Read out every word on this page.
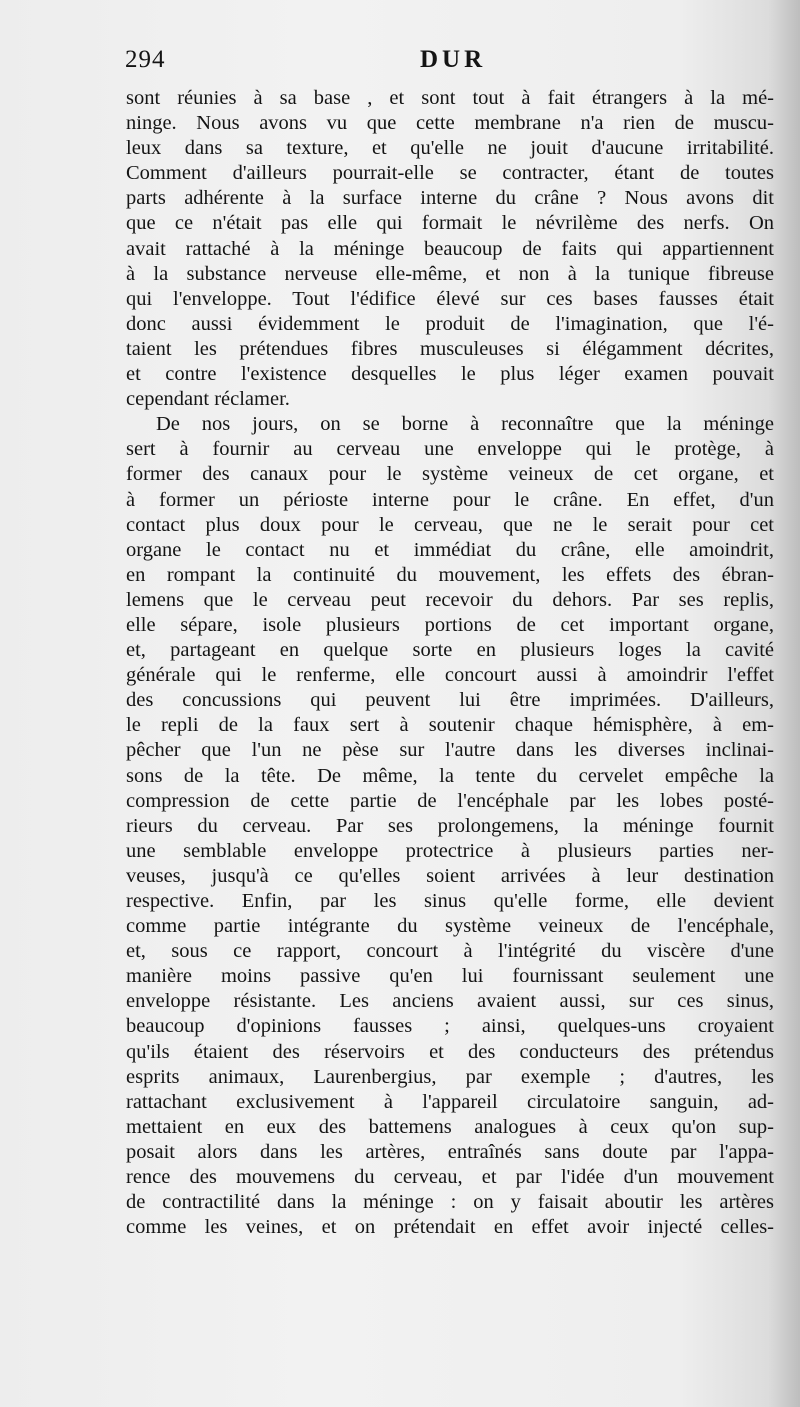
294	DUR
sont réunies à sa base , et sont tout à fait étrangers à la mé-
ninge. Nous avons vu que cette membrane n'a rien de muscu-
leux dans sa texture, et qu'elle ne jouit d'aucune irritabilité.
Comment d'ailleurs pourrait-elle se contracter, étant de toutes
parts adhérente à la surface interne du crâne ? Nous avons dit
que ce n'était pas elle qui formait le névrilème des nerfs. On
avait rattaché à la méninge beaucoup de faits qui appartiennent
à la substance nerveuse elle-même, et non à la tunique fibreuse
qui l'enveloppe. Tout l'édifice élevé sur ces bases fausses était
donc aussi évidemment le produit de l'imagination, que l'é-
taient les prétendues fibres musculeuses si élégamment décrites,
et contre l'existence desquelles le plus léger examen pouvait
cependant réclamer.
De nos jours, on se borne à reconnaître que la méninge
sert à fournir au cerveau une enveloppe qui le protège, à
former des canaux pour le système veineux de cet organe, et
à former un périoste interne pour le crâne. En effet, d'un
contact plus doux pour le cerveau, que ne le serait pour cet
organe le contact nu et immédiat du crâne, elle amoindrit,
en rompant la continuité du mouvement, les effets des ébran-
lemens que le cerveau peut recevoir du dehors. Par ses replis,
elle sépare, isole plusieurs portions de cet important organe,
et, partageant en quelque sorte en plusieurs loges la cavité
générale qui le renferme, elle concourt aussi à amoindrir l'effet
des concussions qui peuvent lui être imprimées. D'ailleurs,
le repli de la faux sert à soutenir chaque hémisphère, à em-
pêcher que l'un ne pèse sur l'autre dans les diverses inclinai-
sons de la tête. De même, la tente du cervelet empêche la
compression de cette partie de l'encéphale par les lobes posté-
rieurs du cerveau. Par ses prolongemens, la méninge fournit
une semblable enveloppe protectrice à plusieurs parties ner-
veuses, jusqu'à ce qu'elles soient arrivées à leur destination
respective. Enfin, par les sinus qu'elle forme, elle devient
comme partie intégrante du système veineux de l'encéphale,
et, sous ce rapport, concourt à l'intégrité du viscère d'une
manière moins passive qu'en lui fournissant seulement une
enveloppe résistante. Les anciens avaient aussi, sur ces sinus,
beaucoup d'opinions fausses ; ainsi, quelques-uns croyaient
qu'ils étaient des réservoirs et des conducteurs des prétendus
esprits animaux, Laurenbergius, par exemple ; d'autres, les
rattachant exclusivement à l'appareil circulatoire sanguin, ad-
mettaient en eux des battemens analogues à ceux qu'on sup-
posait alors dans les artères, entraînés sans doute par l'appa-
rence des mouvemens du cerveau, et par l'idée d'un mouvement
de contractilité dans la méninge : on y faisait aboutir les artères
comme les veines, et on prétendait en effet avoir injecté celles-
